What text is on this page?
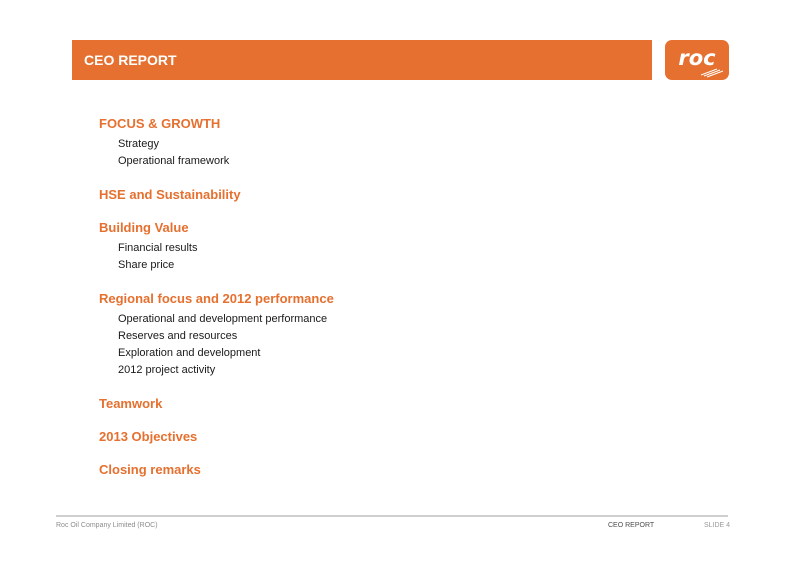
CEO REPORT	roc
FOCUS & GROWTH
Strategy
Operational framework
HSE and Sustainability
Building Value
Financial results
Share price
Regional focus and 2012 performance
Operational and development performance
Reserves and resources
Exploration and development
2012 project activity
Teamwork
2013 Objectives
Closing remarks
Roc Oil Company Limited (ROC)	CEO REPORT	SLIDE 4
